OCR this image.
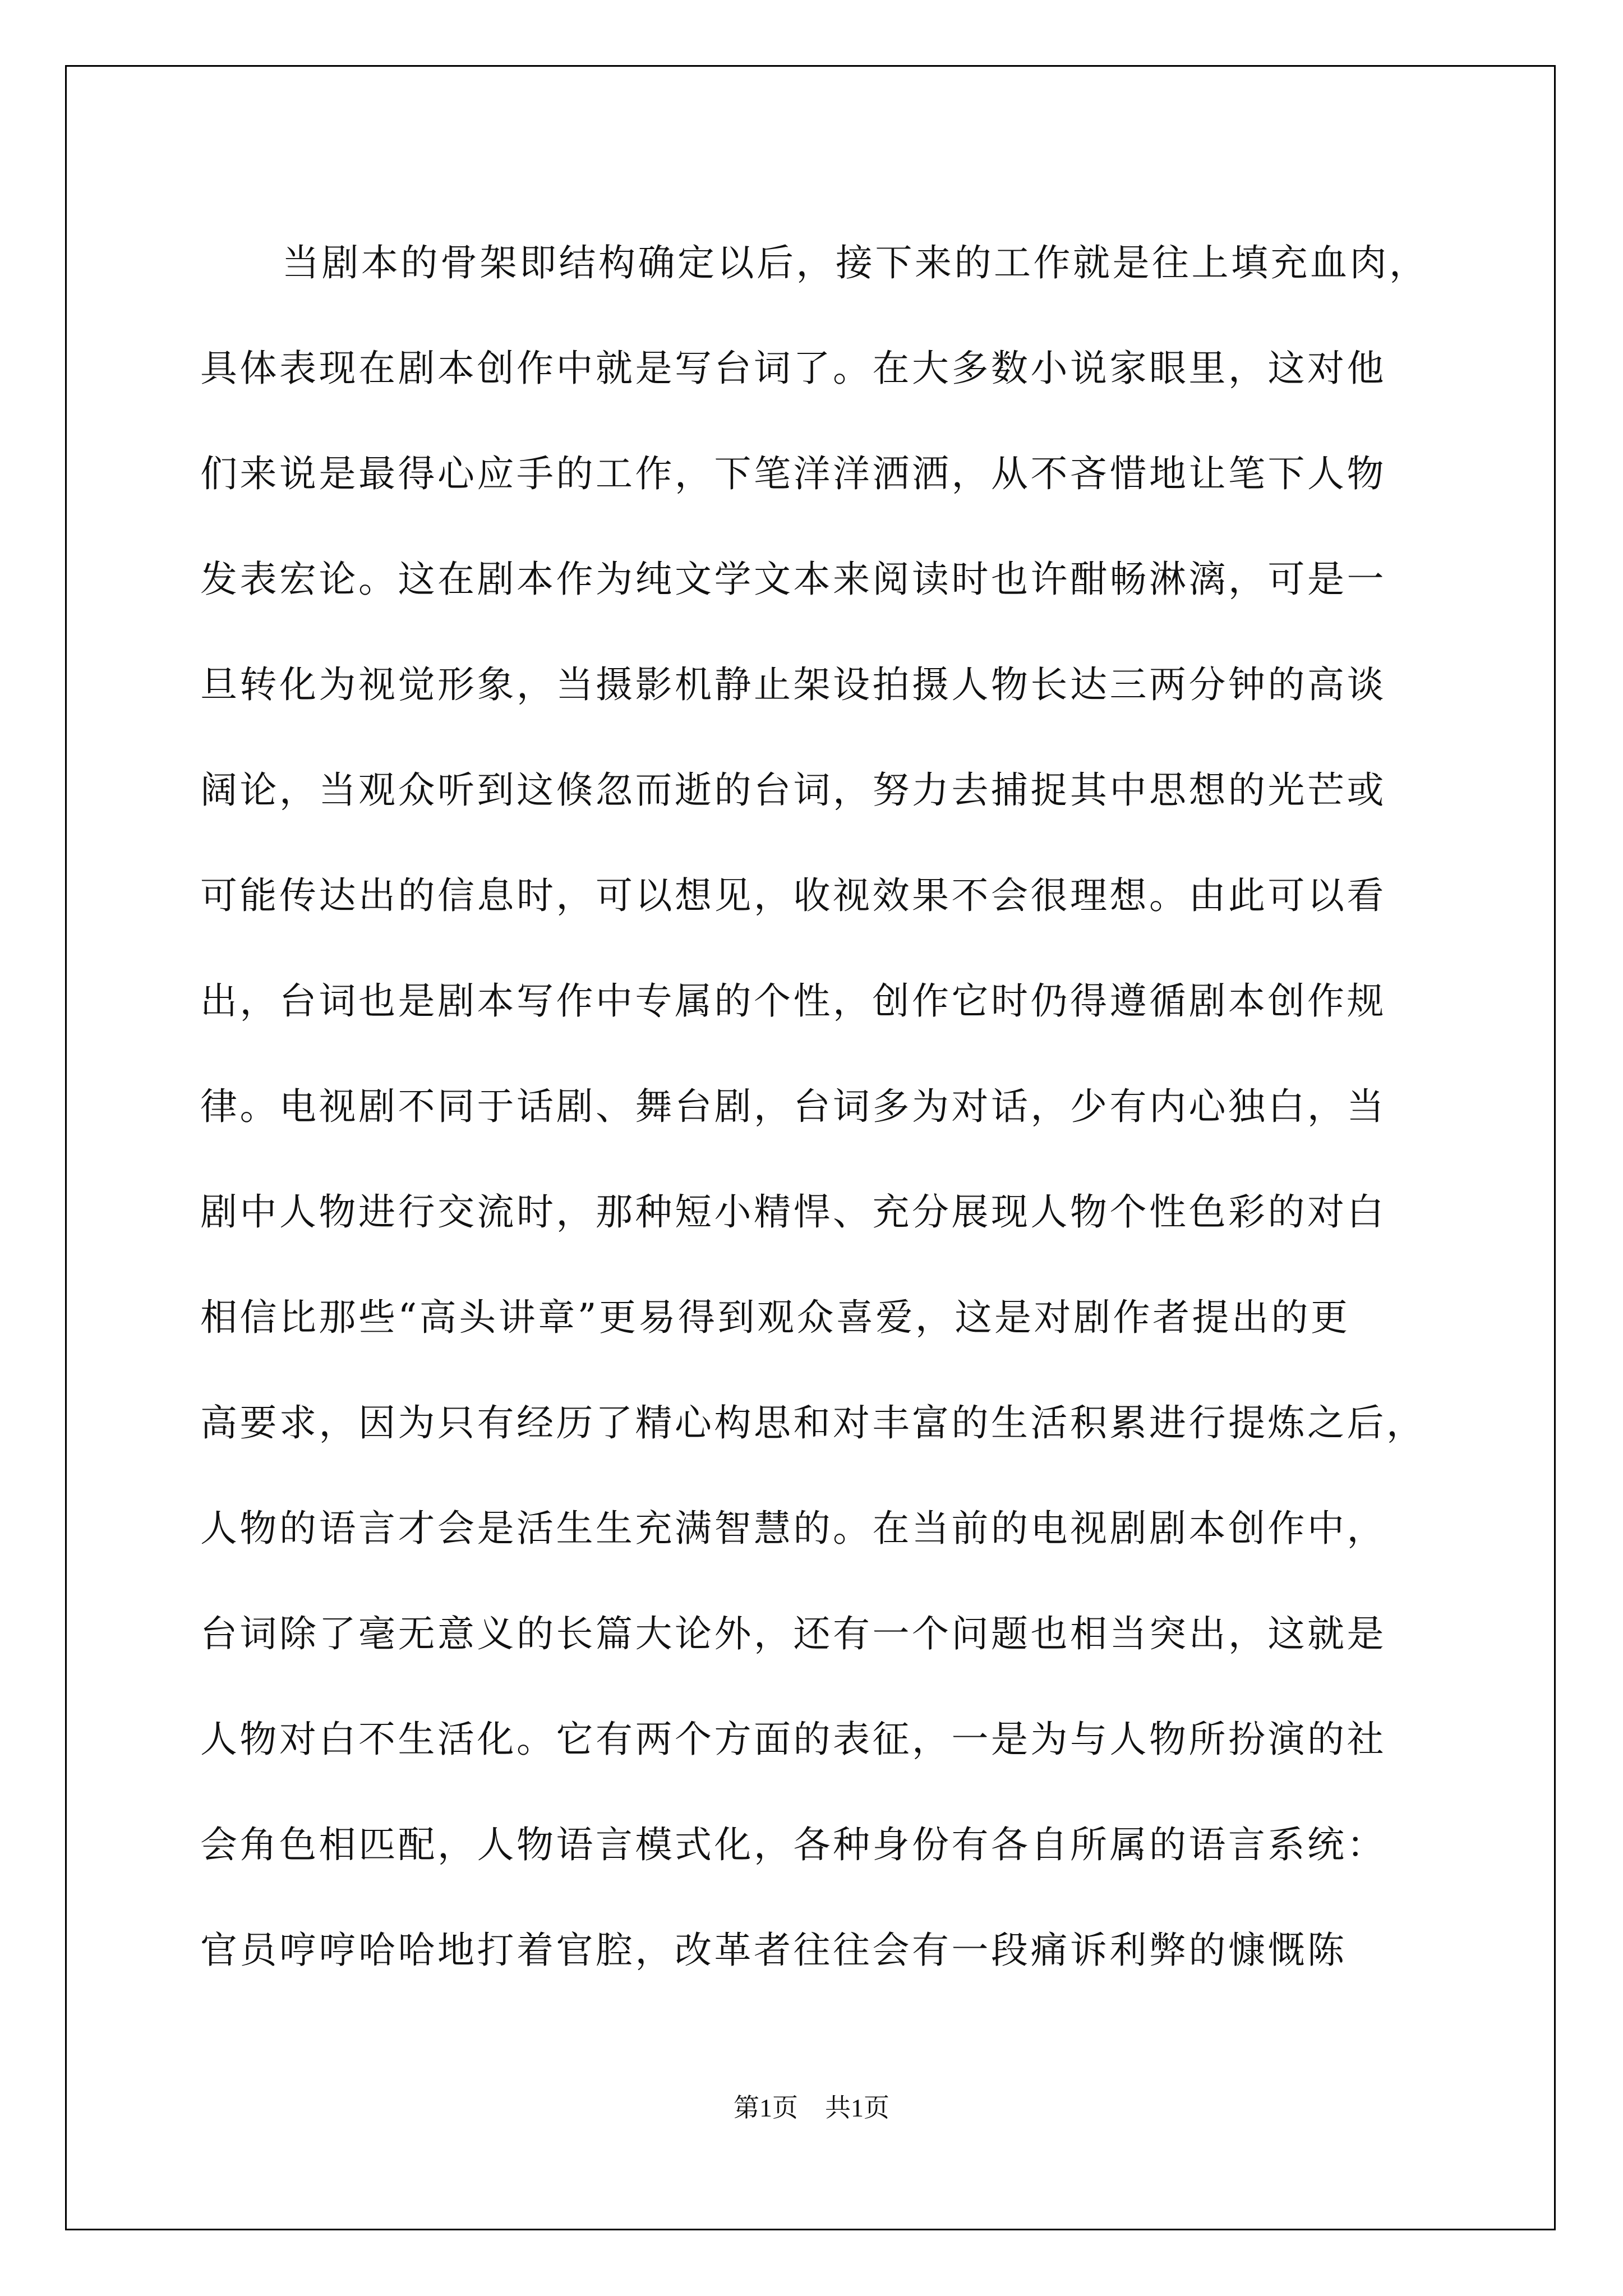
当剧本的骨架即结构确定以后，接下来的工作就是往上填充血肉，
具体表现在剧本创作中就是写台词了。在大多数小说家眼里，这对他
们来说是最得心应手的工作，下笔洋洋洒洒，从不吝惜地让笔下人物
发表宏论。这在剧本作为纯文学文本来阅读时也许酣畅淋漓，可是一
旦转化为视觉形象，当摄影机静止架设拍摄人物长达三两分钟的高谈
阔论，当观众听到这倏忽而逝的台词，努力去捕捉其中思想的光芒或
可能传达出的信息时，可以想见，收视效果不会很理想。由此可以看
出，台词也是剧本写作中专属的个性，创作它时仍得遵循剧本创作规
律。电视剧不同于话剧、舞台剧，台词多为对话，少有内心独白，当
剧中人物进行交流时，那种短小精悍、充分展现人物个性色彩的对白
相信比那些“高头讲章”更易得到观众喜爱，这是对剧作者提出的更
高要求，因为只有经历了精心构思和对丰富的生活积累进行提炼之后，
人物的语言才会是活生生充满智慧的。在当前的电视剧剧本创作中，
台词除了毫无意义的长篇大论外，还有一个问题也相当突出，这就是
人物对白不生活化。它有两个方面的表征，一是为与人物所扮演的社
会角色相匹配，人物语言模式化，各种身份有各自所属的语言系统：
官员哼哼哈哈地打着官腔，改革者往往会有一段痛诉利弊的慷慨陈
第1页 共1页
